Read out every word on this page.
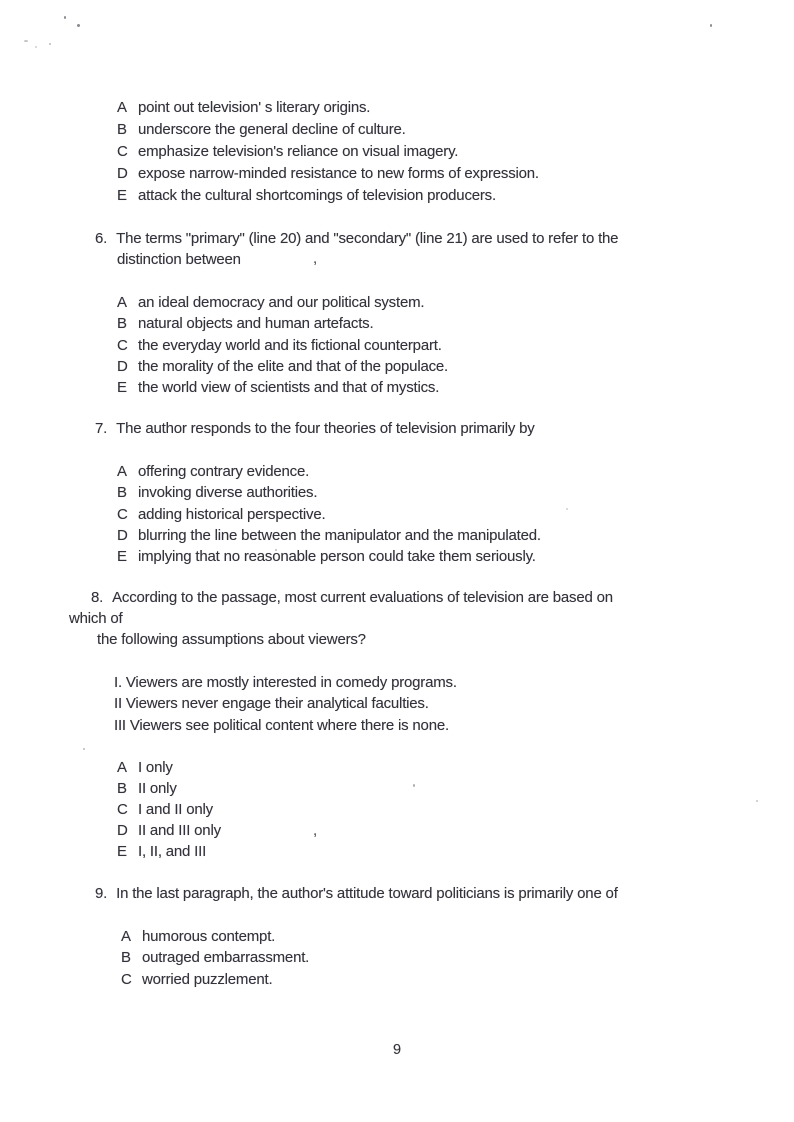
A point out television' s literary origins.
B underscore the general decline of culture.
C emphasize television's reliance on visual imagery.
D expose narrow-minded resistance to new forms of expression.
E attack the cultural shortcomings of television producers.
6. The terms "primary" (line 20) and "secondary" (line 21) are used to refer to the
distinction between	,
A an ideal democracy and our political system.
B natural objects and human artefacts.
C the everyday world and its fictional counterpart.
D the morality of the elite and that of the populace.
E the world view of scientists and that of mystics.
7. The author responds to the four theories of television primarily by
A offering contrary evidence.
B invoking diverse authorities.
C adding historical perspective.
D blurring the line between the manipulator and the manipulated.
E implying that no reasonable person could take them seriously.
8. According to the passage, most current evaluations of television are based on
which of
the following assumptions about viewers?
I. Viewers are mostly interested in comedy programs.
II Viewers never engage their analytical faculties.
III Viewers see political content where there is none.
A I only
B II only
C I and II only
D II and III only
E I, II, and III
,
9. In the last paragraph, the author's attitude toward politicians is primarily one of
A humorous contempt.
B outraged embarrassment.
C worried puzzlement.
9
